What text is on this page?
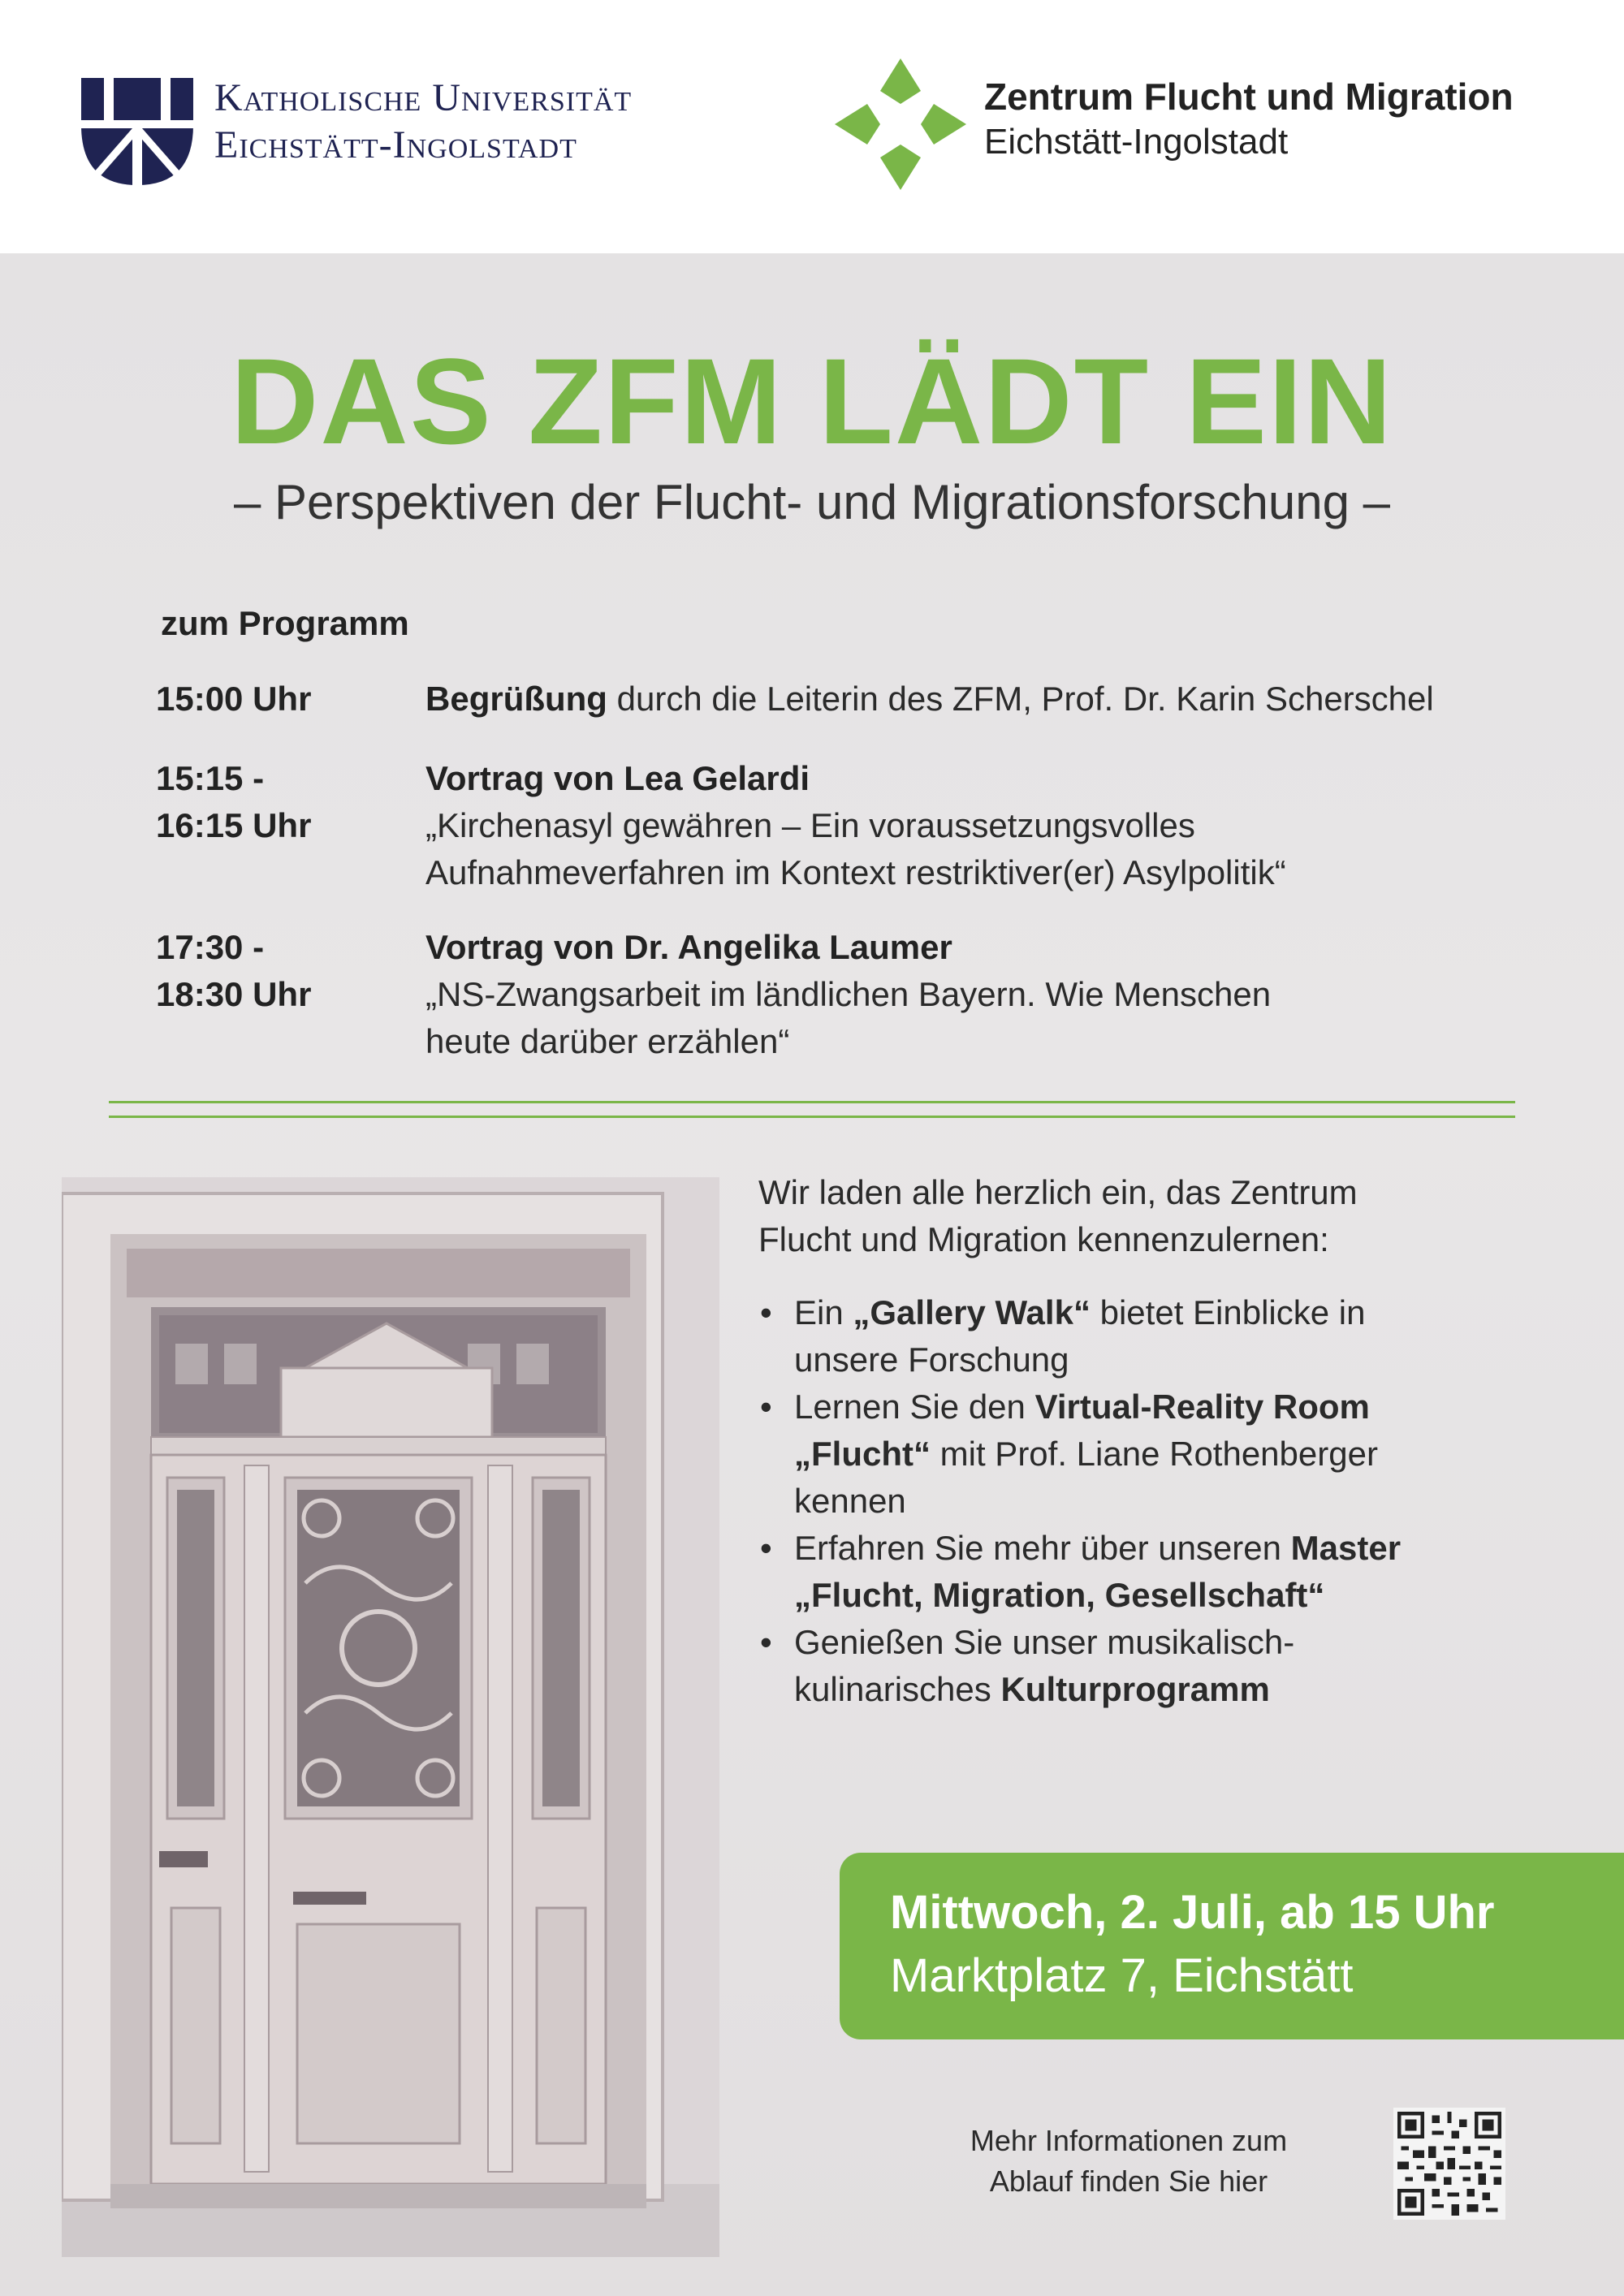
Katholische Universität
Eichstätt-Ingolstadt
Zentrum Flucht und Migration
Eichstätt-Ingolstadt
DAS ZFM LÄDT EIN
– Perspektiven der Flucht- und Migrationsforschung –
zum Programm
15:00 Uhr	Begrüßung durch die Leiterin des ZFM, Prof. Dr. Karin Scherschel
15:15 -
16:15 Uhr
Vortrag von Lea Gelardi
„Kirchenasyl gewähren – Ein voraussetzungsvolles
Aufnahmeverfahren im Kontext restriktiver(er) Asylpolitik“
17:30 -
18:30 Uhr
Vortrag von Dr. Angelika Laumer
„NS-Zwangsarbeit im ländlichen Bayern. Wie Menschen
heute darüber erzählen“

Wir laden alle herzlich ein, das Zentrum
Flucht und Migration kennenzulernen:

• Ein „Gallery Walk“ bietet Einblicke in
unsere Forschung
• Lernen Sie den Virtual-Reality Room
„Flucht“ mit Prof. Liane Rothenberger
kennen
• Erfahren Sie mehr über unseren Master
„Flucht, Migration, Gesellschaft“
• Genießen Sie unser musikalisch-
kulinarisches Kulturprogramm
Mittwoch, 2. Juli, ab 15 Uhr
Marktplatz 7, Eichstätt
Mehr Informationen zum
Ablauf finden Sie hier
